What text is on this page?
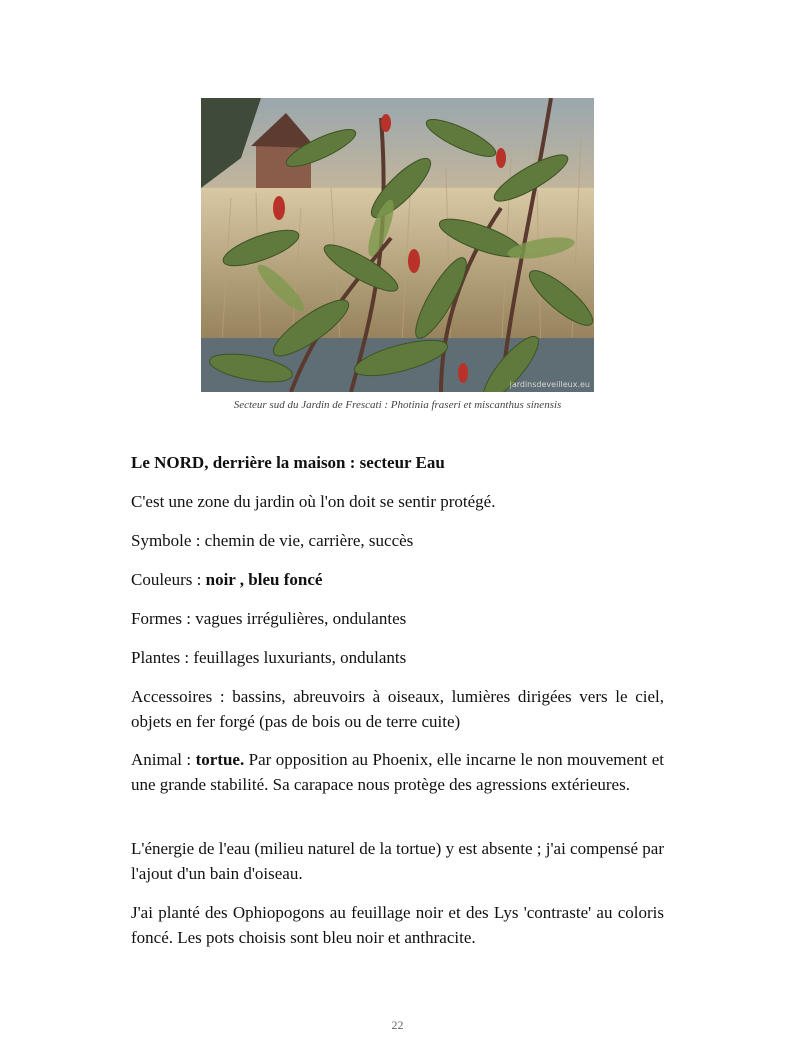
jardinsdeveilleux.eu
Secteur sud du Jardin de Frescati : Photinia fraseri et miscanthus sinensis

Le NORD, derrière la maison : secteur Eau

C'est une zone du jardin où l'on doit se sentir protégé.

Symbole : chemin de vie, carrière, succès

Couleurs : noir , bleu foncé

Formes : vagues irrégulières, ondulantes

Plantes : feuillages luxuriants, ondulants

Accessoires : bassins, abreuvoirs à oiseaux, lumières dirigées vers le ciel, objets en fer forgé (pas de bois ou de terre cuite)

Animal : tortue. Par opposition au Phoenix, elle incarne le non mouvement et une grande stabilité. Sa carapace nous protège des agressions extérieures.

L'énergie de l'eau (milieu naturel de la tortue) y est absente ; j'ai compensé par l'ajout d'un bain d'oiseau.

J'ai planté des Ophiopogons au feuillage noir et des Lys 'contraste' au coloris foncé. Les pots choisis sont bleu noir et anthracite.

22
